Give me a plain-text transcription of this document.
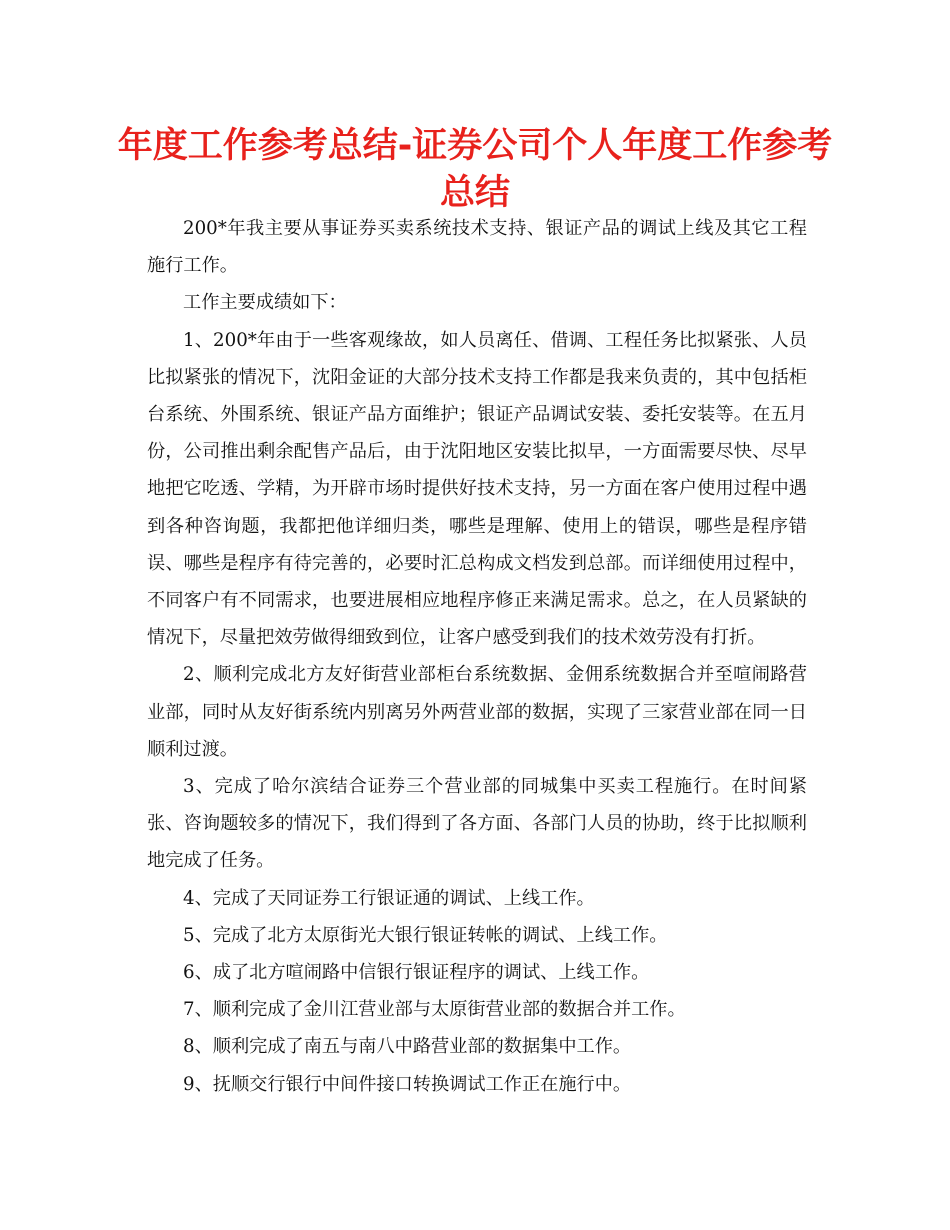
年度工作参考总结-证券公司个人年度工作参考
总结

200*年我主要从事证券买卖系统技术支持、银证产品的调试上线及其它工程施行工作。

工作主要成绩如下：

1、200*年由于一些客观缘故，如人员离任、借调、工程任务比拟紧张、人员比拟紧张的情况下，沈阳金证的大部分技术支持工作都是我来负责的，其中包括柜台系统、外围系统、银证产品方面维护；银证产品调试安装、委托安装等。在五月份，公司推出剩余配售产品后，由于沈阳地区安装比拟早，一方面需要尽快、尽早地把它吃透、学精，为开辟市场时提供好技术支持，另一方面在客户使用过程中遇到各种咨询题，我都把他详细归类，哪些是理解、使用上的错误，哪些是程序错误、哪些是程序有待完善的，必要时汇总构成文档发到总部。而详细使用过程中，不同客户有不同需求，也要进展相应地程序修正来满足需求。总之，在人员紧缺的情况下，尽量把效劳做得细致到位，让客户感受到我们的技术效劳没有打折。

2、顺利完成北方友好街营业部柜台系统数据、金佣系统数据合并至喧闹路营业部，同时从友好街系统内别离另外两营业部的数据，实现了三家营业部在同一日顺利过渡。

3、完成了哈尔滨结合证券三个营业部的同城集中买卖工程施行。在时间紧张、咨询题较多的情况下，我们得到了各方面、各部门人员的协助，终于比拟顺利地完成了任务。

4、完成了天同证券工行银证通的调试、上线工作。

5、完成了北方太原街光大银行银证转帐的调试、上线工作。

6、成了北方喧闹路中信银行银证程序的调试、上线工作。

7、顺利完成了金川江营业部与太原街营业部的数据合并工作。

8、顺利完成了南五与南八中路营业部的数据集中工作。

9、抚顺交行银行中间件接口转换调试工作正在施行中。
